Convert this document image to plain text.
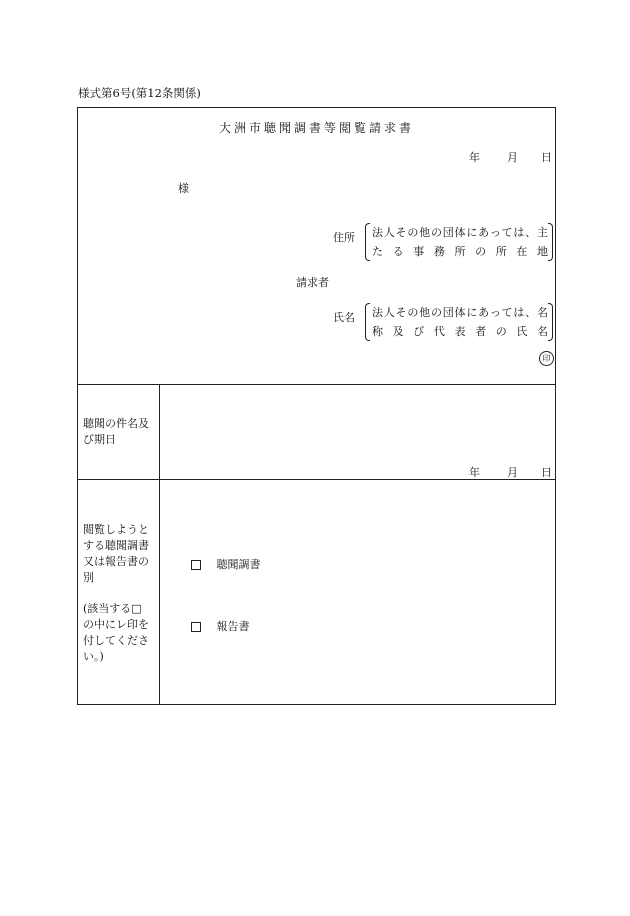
様式第6号(第12条関係)
大洲市聴聞調書等閲覧請求書
年 月 日
様
住所 法人その他の団体にあっては、主
たる事務所の所在地
請求者
氏名 法人その他の団体にあっては、名
称及び代表者の氏名
印
聴聞の件名及
び期日
年 月 日
閲覧しようと
する聴聞調書
又は報告書の
別
(該当する□
の中にレ印を
付してくださ
い。)
聴聞調書
報告書
